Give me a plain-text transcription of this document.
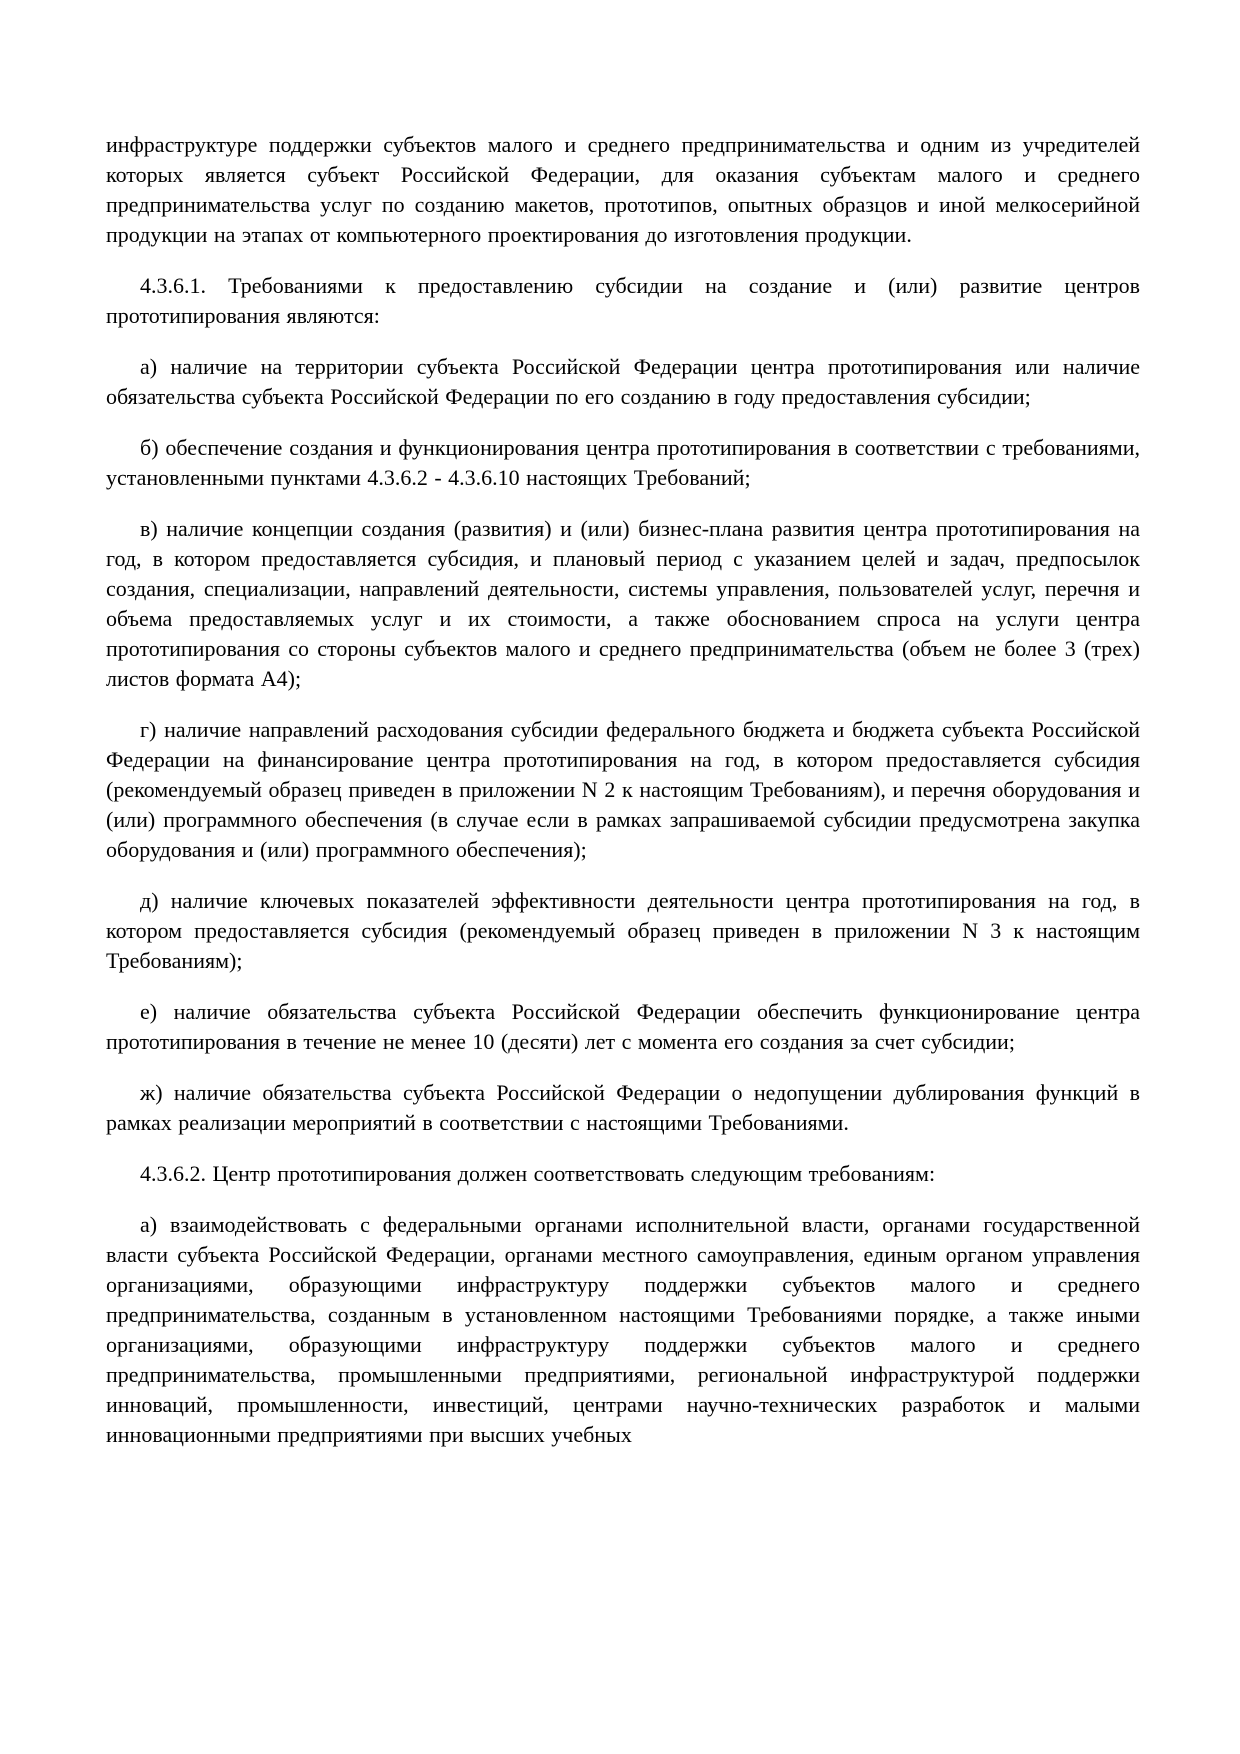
инфраструктуре поддержки субъектов малого и среднего предпринимательства и одним из учредителей которых является субъект Российской Федерации, для оказания субъектам малого и среднего предпринимательства услуг по созданию макетов, прототипов, опытных образцов и иной мелкосерийной продукции на этапах от компьютерного проектирования до изготовления продукции.

4.3.6.1. Требованиями к предоставлению субсидии на создание и (или) развитие центров прототипирования являются:

а) наличие на территории субъекта Российской Федерации центра прототипирования или наличие обязательства субъекта Российской Федерации по его созданию в году предоставления субсидии;

б) обеспечение создания и функционирования центра прототипирования в соответствии с требованиями, установленными пунктами 4.3.6.2 - 4.3.6.10 настоящих Требований;

в) наличие концепции создания (развития) и (или) бизнес-плана развития центра прототипирования на год, в котором предоставляется субсидия, и плановый период с указанием целей и задач, предпосылок создания, специализации, направлений деятельности, системы управления, пользователей услуг, перечня и объема предоставляемых услуг и их стоимости, а также обоснованием спроса на услуги центра прототипирования со стороны субъектов малого и среднего предпринимательства (объем не более 3 (трех) листов формата А4);

г) наличие направлений расходования субсидии федерального бюджета и бюджета субъекта Российской Федерации на финансирование центра прототипирования на год, в котором предоставляется субсидия (рекомендуемый образец приведен в приложении N 2 к настоящим Требованиям), и перечня оборудования и (или) программного обеспечения (в случае если в рамках запрашиваемой субсидии предусмотрена закупка оборудования и (или) программного обеспечения);

д) наличие ключевых показателей эффективности деятельности центра прототипирования на год, в котором предоставляется субсидия (рекомендуемый образец приведен в приложении N 3 к настоящим Требованиям);

е) наличие обязательства субъекта Российской Федерации обеспечить функционирование центра прототипирования в течение не менее 10 (десяти) лет с момента его создания за счет субсидии;

ж) наличие обязательства субъекта Российской Федерации о недопущении дублирования функций в рамках реализации мероприятий в соответствии с настоящими Требованиями.

4.3.6.2. Центр прототипирования должен соответствовать следующим требованиям:

а) взаимодействовать с федеральными органами исполнительной власти, органами государственной власти субъекта Российской Федерации, органами местного самоуправления, единым органом управления организациями, образующими инфраструктуру поддержки субъектов малого и среднего предпринимательства, созданным в установленном настоящими Требованиями порядке, а также иными организациями, образующими инфраструктуру поддержки субъектов малого и среднего предпринимательства, промышленными предприятиями, региональной инфраструктурой поддержки инноваций, промышленности, инвестиций, центрами научно-технических разработок и малыми инновационными предприятиями при высших учебных
